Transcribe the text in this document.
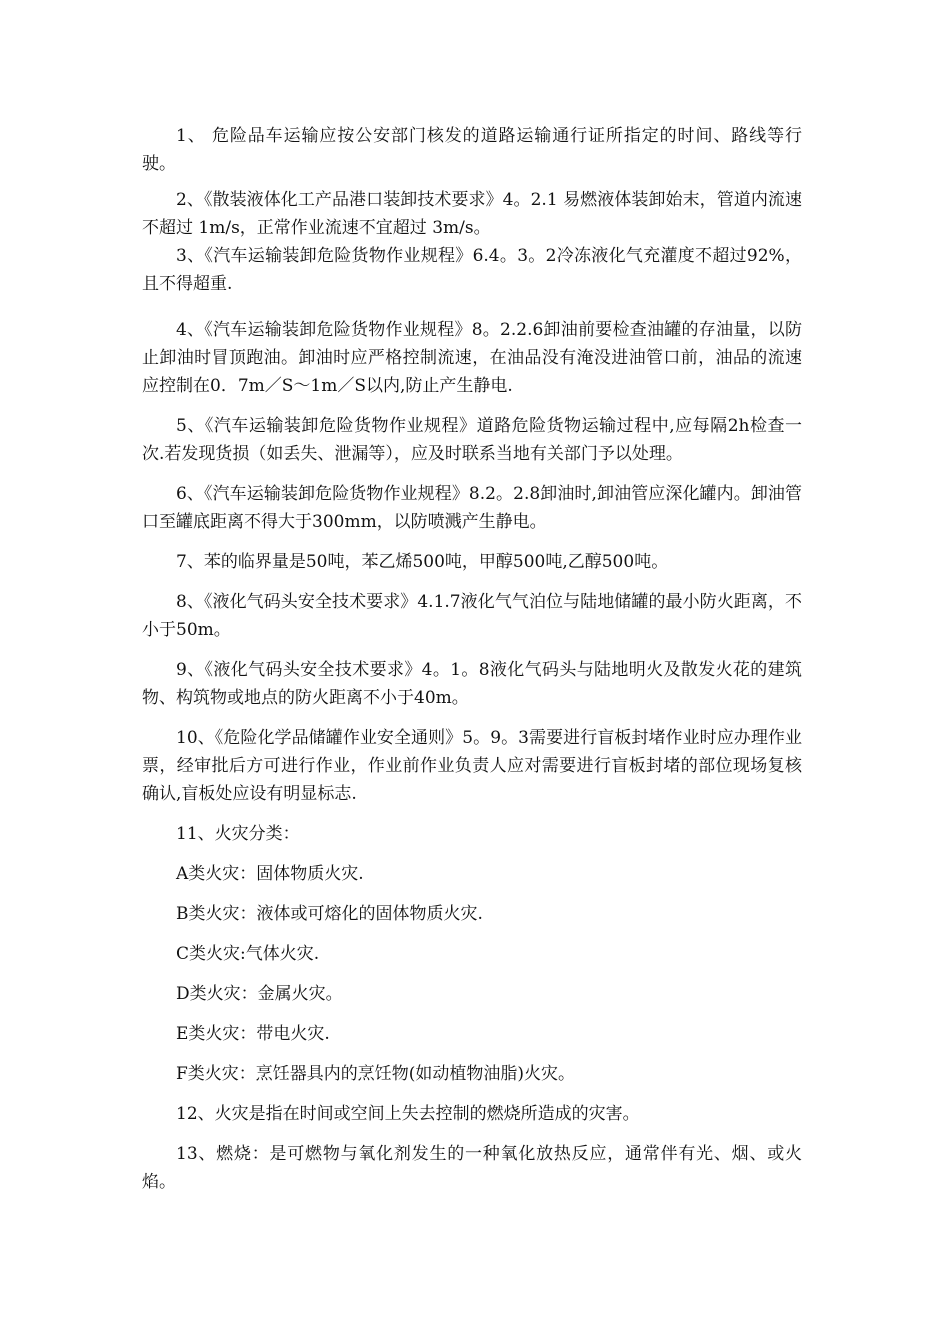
1、 危险品车运输应按公安部门核发的道路运输通行证所指定的时间、路线等行驶。

2、《散装液体化工产品港口装卸技术要求》4。2.1 易燃液体装卸始末，管道内流速不超过 1m/s，正常作业流速不宜超过 3m/s。

3、《汽车运输装卸危险货物作业规程》6.4。3。2冷冻液化气充灌度不超过92%，且不得超重.

4、《汽车运输装卸危险货物作业规程》8。2.2.6卸油前要检查油罐的存油量，以防止卸油时冒顶跑油。卸油时应严格控制流速，在油品没有淹没进油管口前，油品的流速应控制在0．7m／S～1m／S以内,防止产生静电.

5、《汽车运输装卸危险货物作业规程》道路危险货物运输过程中,应每隔2h检查一次.若发现货损（如丢失、泄漏等），应及时联系当地有关部门予以处理。

6、《汽车运输装卸危险货物作业规程》8.2。2.8卸油时,卸油管应深化罐内。卸油管口至罐底距离不得大于300mm，以防喷溅产生静电。

7、苯的临界量是50吨，苯乙烯500吨，甲醇500吨,乙醇500吨。

8、《液化气码头安全技术要求》4.1.7液化气气泊位与陆地储罐的最小防火距离，不小于50m。

9、《液化气码头安全技术要求》4。1。8液化气码头与陆地明火及散发火花的建筑物、构筑物或地点的防火距离不小于40m。

10、《危险化学品储罐作业安全通则》5。9。3需要进行盲板封堵作业时应办理作业票，经审批后方可进行作业，作业前作业负责人应对需要进行盲板封堵的部位现场复核确认,盲板处应设有明显标志.

11、火灾分类：

A类火灾：固体物质火灾.

B类火灾：液体或可熔化的固体物质火灾.

C类火灾:气体火灾.

D类火灾：金属火灾。

E类火灾：带电火灾.

F类火灾：烹饪器具内的烹饪物(如动植物油脂)火灾。

12、火灾是指在时间或空间上失去控制的燃烧所造成的灾害。

13、燃烧：是可燃物与氧化剂发生的一种氧化放热反应，通常伴有光、烟、或火焰。
